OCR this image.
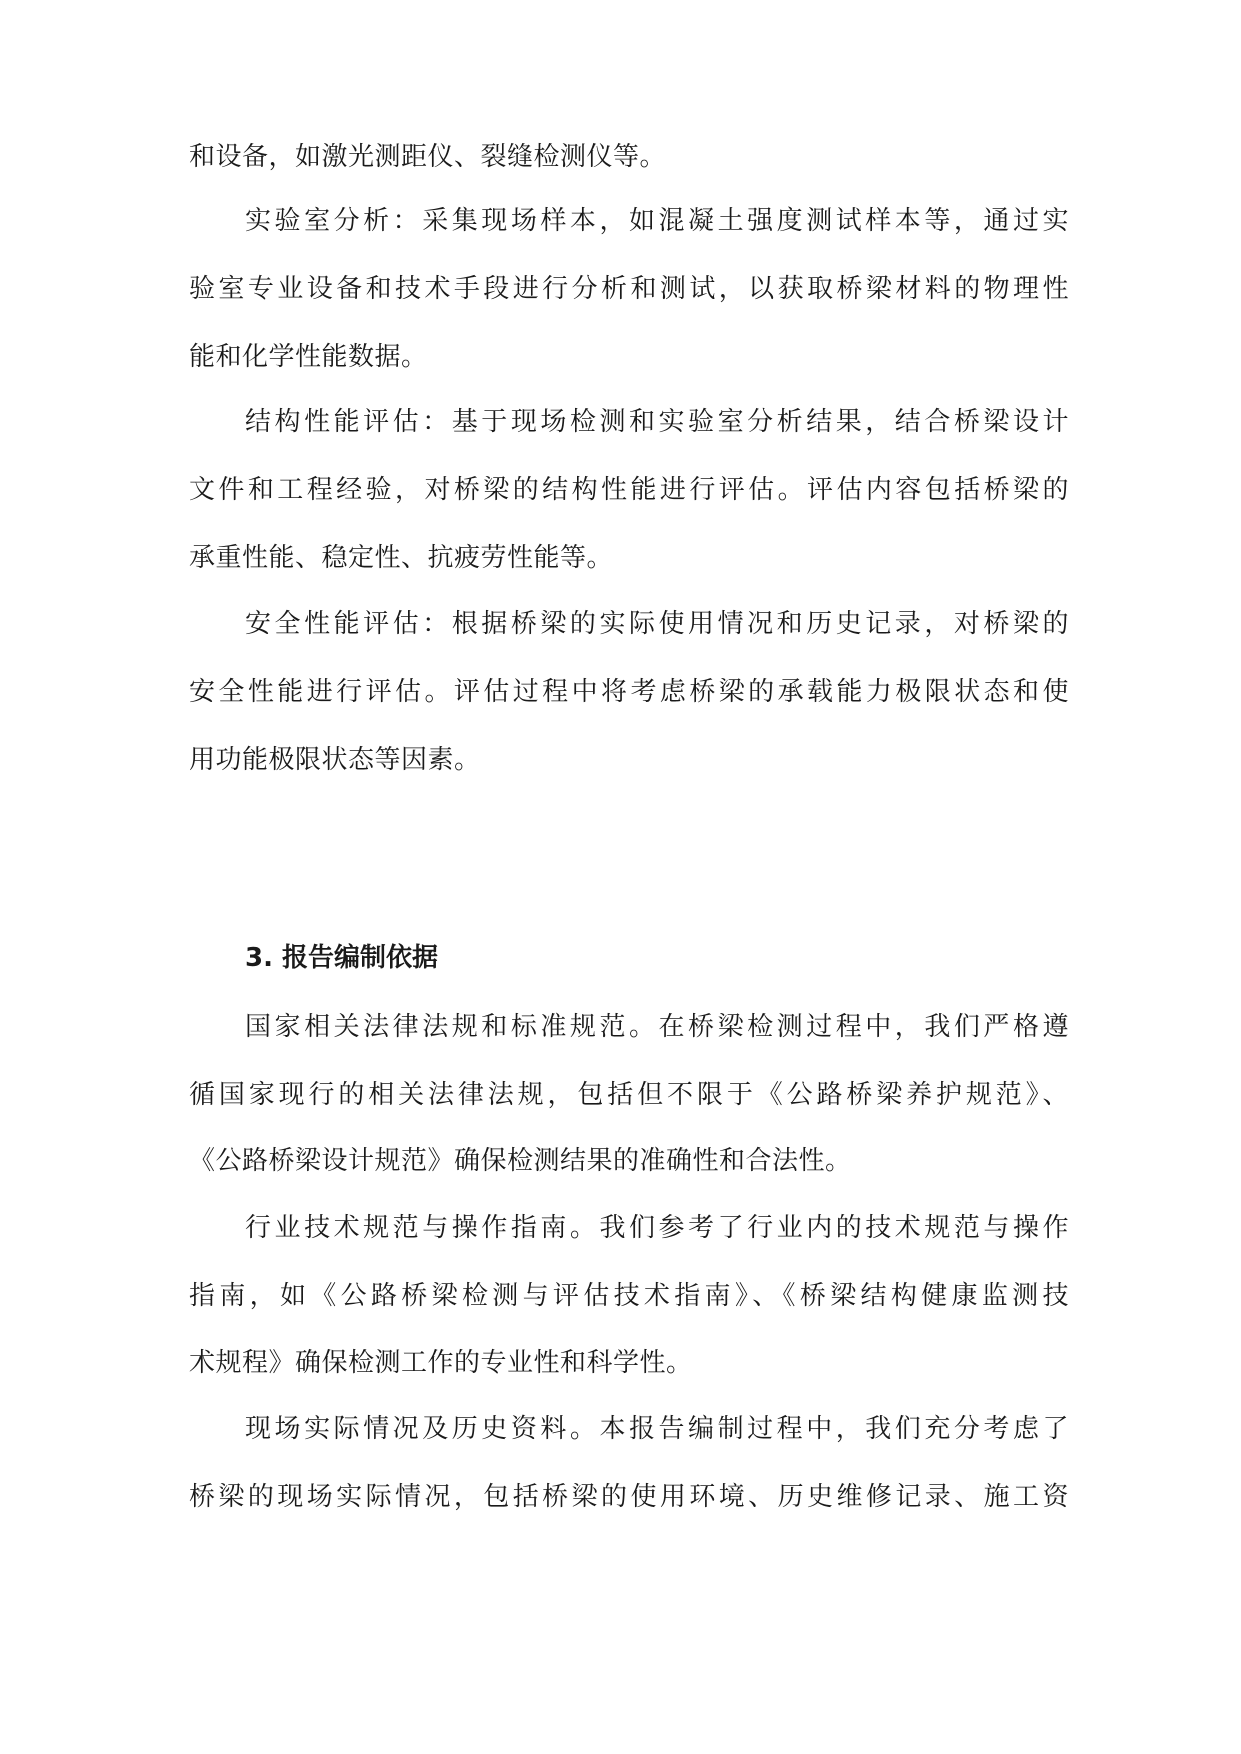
和设备，如激光测距仪、裂缝检测仪等。
实验室分析：采集现场样本，如混凝土强度测试样本等，通过实
验室专业设备和技术手段进行分析和测试，以获取桥梁材料的物理性
能和化学性能数据。
结构性能评估：基于现场检测和实验室分析结果，结合桥梁设计
文件和工程经验，对桥梁的结构性能进行评估。评估内容包括桥梁的
承重性能、稳定性、抗疲劳性能等。
安全性能评估：根据桥梁的实际使用情况和历史记录，对桥梁的
安全性能进行评估。评估过程中将考虑桥梁的承载能力极限状态和使
用功能极限状态等因素。
3. 报告编制依据
国家相关法律法规和标准规范。在桥梁检测过程中，我们严格遵
循国家现行的相关法律法规，包括但不限于《公路桥梁养护规范》、
《公路桥梁设计规范》确保检测结果的准确性和合法性。
行业技术规范与操作指南。我们参考了行业内的技术规范与操作
指南，如《公路桥梁检测与评估技术指南》、《桥梁结构健康监测技
术规程》确保检测工作的专业性和科学性。
现场实际情况及历史资料。本报告编制过程中，我们充分考虑了
桥梁的现场实际情况，包括桥梁的使用环境、历史维修记录、施工资
